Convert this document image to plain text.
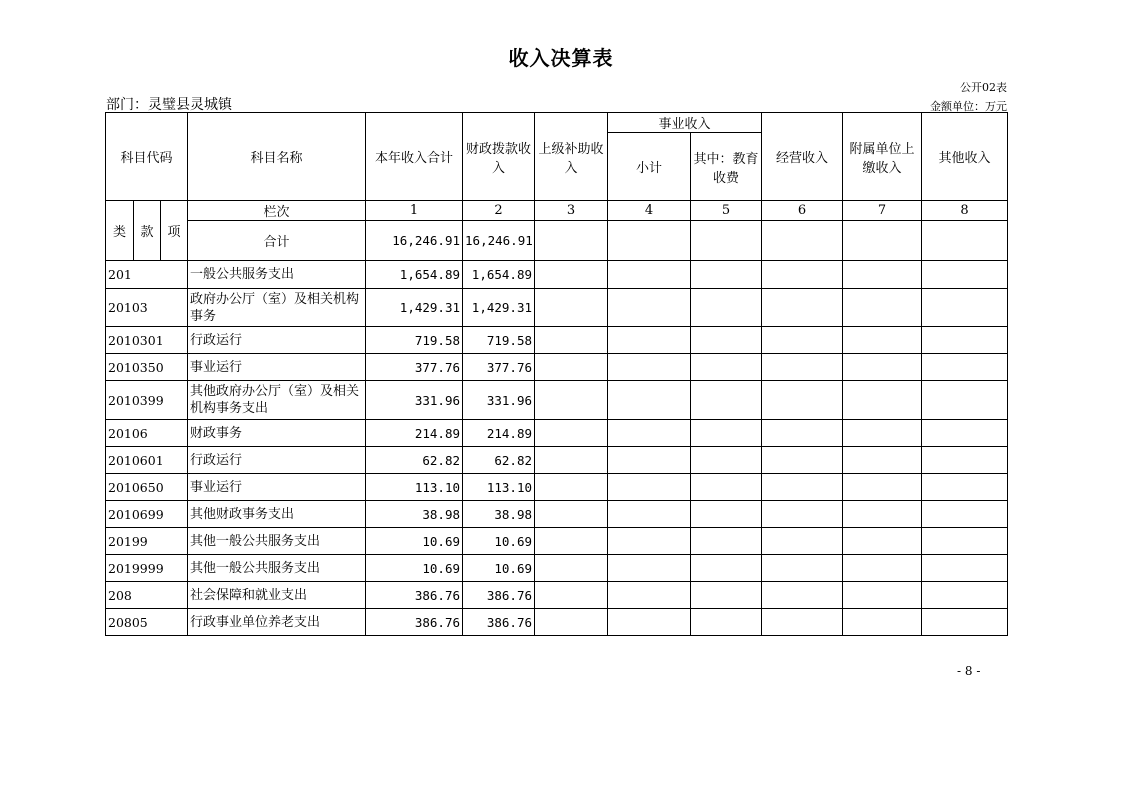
收入决算表
公开02表
部门：灵璧县灵城镇	金额单位：万元
科目代码			科目名称	本年收入合计	财政拨款收入	上级补助收入	事业收入		经营收入	附属单位上缴收入	其他收入
							小计	其中：教育收费			
类	款	项	栏次	1	2	3	4	5	6	7	8
			合计	16,246.91	16,246.91						
201			一般公共服务支出	1,654.89	1,654.89						
20103			政府办公厅（室）及相关机构事务	1,429.31	1,429.31						
2010301			行政运行	719.58	719.58						
2010350			事业运行	377.76	377.76						
2010399			其他政府办公厅（室）及相关机构事务支出	331.96	331.96						
20106			财政事务	214.89	214.89						
2010601			行政运行	62.82	62.82						
2010650			事业运行	113.10	113.10						
2010699			其他财政事务支出	38.98	38.98						
20199			其他一般公共服务支出	10.69	10.69						
2019999			其他一般公共服务支出	10.69	10.69						
208			社会保障和就业支出	386.76	386.76						
20805			行政事业单位养老支出	386.76	386.76						
- 8 -
